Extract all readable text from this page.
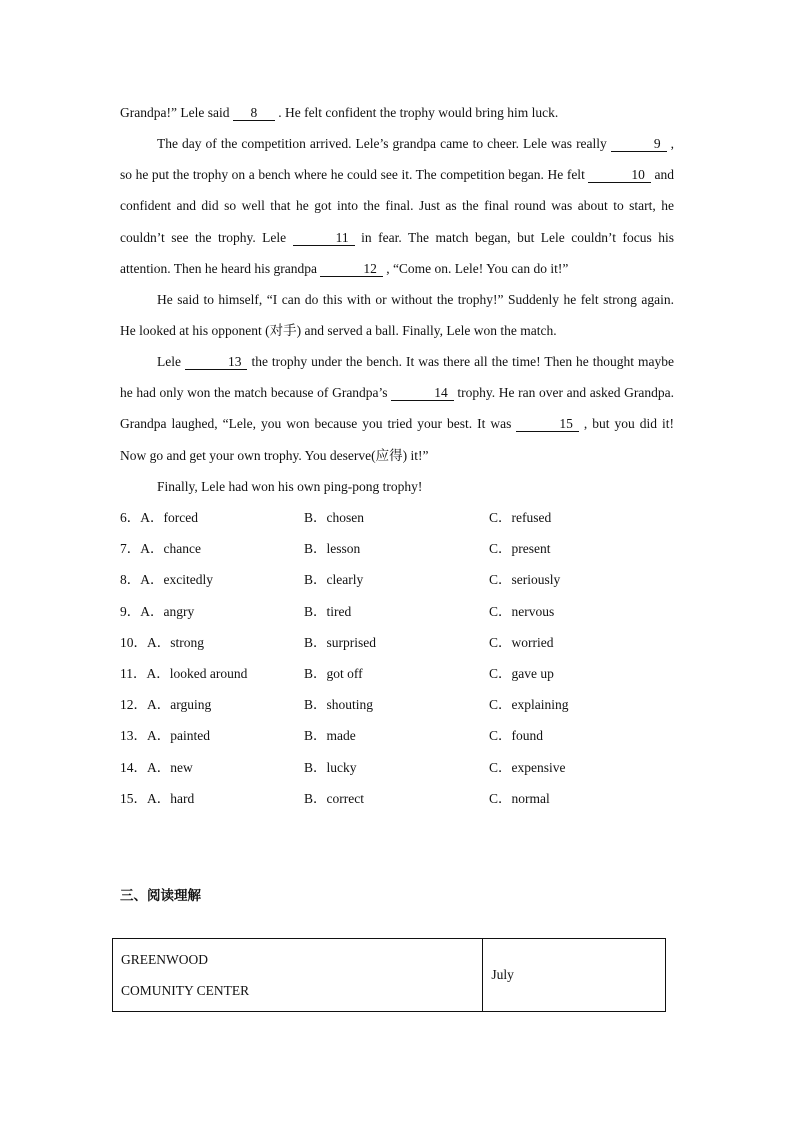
Grandpa!” Lele said 8 . He felt confident the trophy would bring him luck.

The day of the competition arrived. Lele’s grandpa came to cheer. Lele was really	9 , so he put the trophy on a bench where he could see it. The competition began. He felt	10 and confident and did so well that he got into the final. Just as the final round was about to start, he couldn’t see the trophy. Lele	11 in fear. The match began, but Lele couldn’t focus his attention. Then he heard his grandpa	12 , “Come on. Lele! You can do it!”

He said to himself, “I can do this with or without the trophy!” Suddenly he felt strong again. He looked at his opponent (对手) and served a ball. Finally, Lele won the match.

Lele	13 the trophy under the bench. It was there all the time! Then he thought maybe he had only won the match because of Grandpa’s	14 trophy. He ran over and asked Grandpa. Grandpa laughed, “Lele, you won because you tried your best. It was	15 , but you did it! Now go and get your own trophy. You deserve(应得) it!”

Finally, Lele had won his own ping-pong trophy!

6．A．forced	B．chosen	C．refused
7．A．chance	B．lesson	C．present
8．A．excitedly	B．clearly	C．seriously
9．A．angry	B．tired	C．nervous
10．A．strong	B．surprised	C．worried
11．A．looked around	B．got off	C．gave up
12．A．arguing	B．shouting	C．explaining
13．A．painted	B．made	C．found
14．A．new	B．lucky	C．expensive
15．A．hard	B．correct	C．normal
三、阅读理解
GREENWOOD
COMUNITY CENTER
	July
